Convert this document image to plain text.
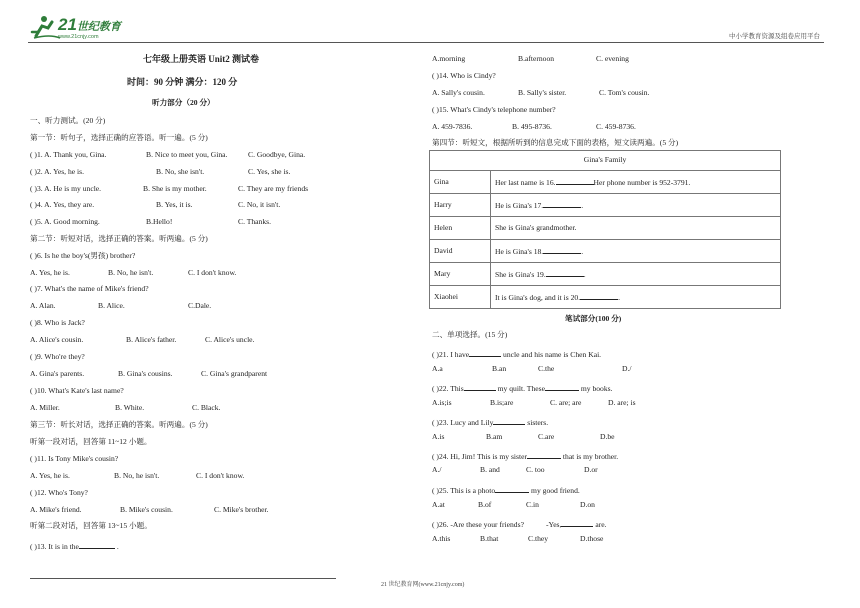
21世纪教育
www.21cnjy.com	中小学教育资源及组卷应用平台
七年级上册英语 Unit2 测试卷
时间：90 分钟 满分：120 分
听力部分（20 分）
一、听力测试。(20 分)
第一节：听句子，选择正确的应答语。听一遍。(5 分)
( )1. A. Thank you, Gina.	B. Nice to meet you, Gina.	C. Goodbye, Gina.
( )2. A. Yes, he is.	B. No, she isn't.	C. Yes, she is.
( )3. A. He is my uncle.	B. She is my mother.	C. They are my friends
( )4. A. Yes, they are.	B. Yes, it is.	C. No, it isn't.
( )5. A. Good morning.	B.Hello!	C. Thanks.
第二节：听短对话，选择正确的答案。听两遍。(5 分)
( )6. Is he the boy's(男孩) brother?
A. Yes, he is.	B. No, he isn't.	C. I don't know.
( )7. What's the name of Mike's friend?
A. Alan.	B. Alice.	C.Dale.
( )8. Who is Jack?
A. Alice's cousin.	B. Alice's father.	C. Alice's uncle.
( )9. Who're they?
A. Gina's parents.	B. Gina's cousins.	C. Gina's grandparent
( )10. What's Kate's last name?
A. Miller.	B. White.	C. Black.
第三节：听长对话，选择正确的答案。听两遍。(5 分)
听第一段对话，回答第 11~12 小题。
( )11. Is Tony Mike's cousin?
A. Yes, he is.	B. No, he isn't.	C. I don't know.
( )12. Who's Tony?
A. Mike's friend.	B. Mike's cousin.	C. Mike's brother.
听第二段对话，回答第 13~15 小题。
( )13. It is in the	.
21 世纪教育网(www.21cnjy.com)
A.morning	B.afternoon	C. evening
( )14. Who is Cindy?
A. Sally's cousin.	B. Sally's sister.	C. Tom's cousin.
( )15. What's Cindy's telephone number?
A. 459-7836.	B. 495-8736.	C. 459-8736.
第四节：听短文，根据所听到的信息完成下面的表格，短文读两遍。(5 分)
Gina's Family	
Gina	Her last name is 16. Her phone number is 952-3791.
Harry	He is Gina's 17. .
Helen	She is Gina's grandmother.
David	He is Gina's 18. .
Mary	She is Gina's 19. .
Xiaohei	It is Gina's dog, and it is 20. .
笔试部分(100 分)
二、单项选择。(15 分)
( )21. I have	uncle and his name is Chen Kai.
A.a	B.an	C.the	D./
( )22. This	my quilt. These	my books.
A.is;is	B.is;are	C. are; are	D. are; is
( )23. Lucy and Lily	sisters.
A.is	B.am	C.are	D.be
( )24. Hi, Jim! This is my sister	that is my brother.
A./	B. and	C. too	D.or
( )25. This is a photo	my good friend.
A.at	B.of	C.in	D.on
( )26. -Are these your friends?	-Yes,	are.
A.this	B.that	C.they	D.those
